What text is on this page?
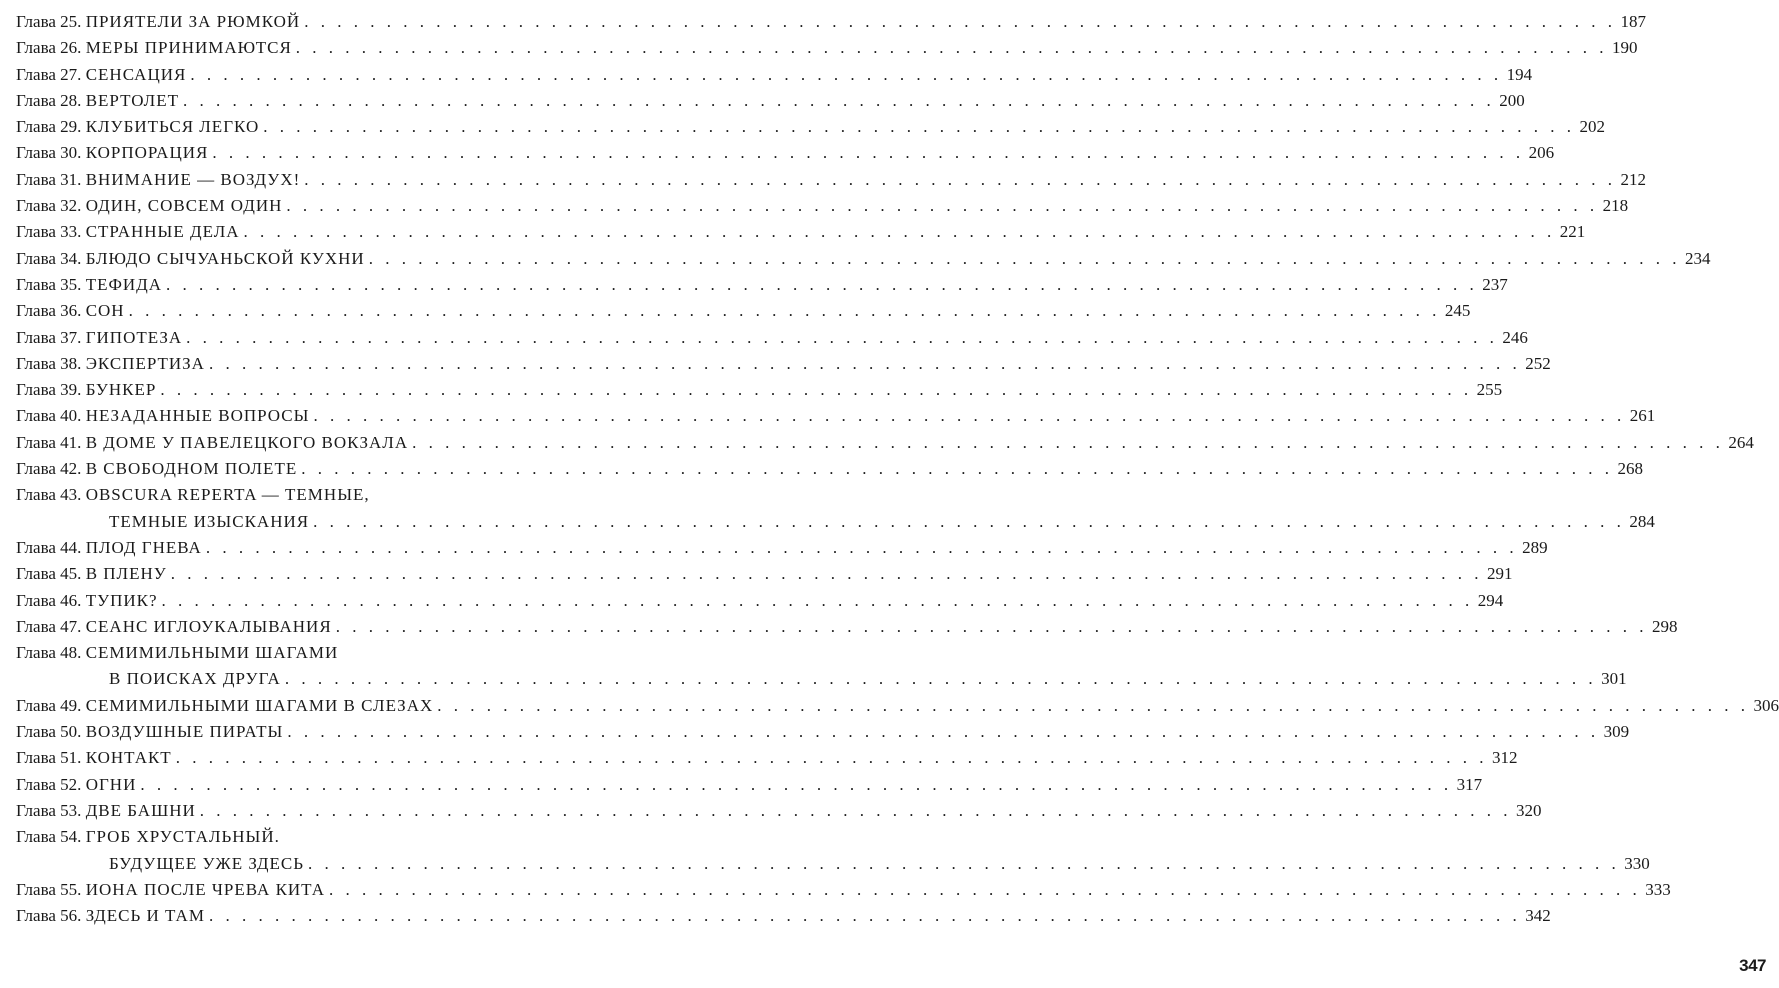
Глава 25. ПРИЯТЕЛИ ЗА РЮМКОЙ . . . . . . . . . . . . . . . . . . . . . . . . . . . . . . . . . . . . . . . . . . . . . . . . . . . . . . . . . . . . . . . . . . . . . . . . . . . . . . . . 187
Глава 26. МЕРЫ ПРИНИМАЮТСЯ . . . . . . . . . . . . . . . . . . . . . . . . . . . . . . . . . . . . . . . . . . . . . . . . . . . . . . . . . . . . . . . . . . . . . . . . . . . . . . . . 190
Глава 27. СЕНСАЦИЯ . . . . . . . . . . . . . . . . . . . . . . . . . . . . . . . . . . . . . . . . . . . . . . . . . . . . . . . . . . . . . . . . . . . . . . . . . . . . . . . . 194
Глава 28. ВЕРТОЛЕТ . . . . . . . . . . . . . . . . . . . . . . . . . . . . . . . . . . . . . . . . . . . . . . . . . . . . . . . . . . . . . . . . . . . . . . . . . . . . . . . . 200
Глава 29. КЛУБИТЬСЯ ЛЕГКО . . . . . . . . . . . . . . . . . . . . . . . . . . . . . . . . . . . . . . . . . . . . . . . . . . . . . . . . . . . . . . . . . . . . . . . . . . . . . . . . 202
Глава 30. КОРПОРАЦИЯ . . . . . . . . . . . . . . . . . . . . . . . . . . . . . . . . . . . . . . . . . . . . . . . . . . . . . . . . . . . . . . . . . . . . . . . . . . . . . . . . 206
Глава 31. ВНИМАНИЕ — ВОЗДУХ! . . . . . . . . . . . . . . . . . . . . . . . . . . . . . . . . . . . . . . . . . . . . . . . . . . . . . . . . . . . . . . . . . . . . . . . . . . . . . . . . 212
Глава 32. ОДИН, СОВСЕМ ОДИН . . . . . . . . . . . . . . . . . . . . . . . . . . . . . . . . . . . . . . . . . . . . . . . . . . . . . . . . . . . . . . . . . . . . . . . . . . . . . . . . 218
Глава 33. СТРАННЫЕ ДЕЛА . . . . . . . . . . . . . . . . . . . . . . . . . . . . . . . . . . . . . . . . . . . . . . . . . . . . . . . . . . . . . . . . . . . . . . . . . . . . . . . . 221
Глава 34. БЛЮДО СЫЧУАНЬСКОЙ КУХНИ . . . . . . . . . . . . . . . . . . . . . . . . . . . . . . . . . . . . . . . . . . . . . . . . . . . . . . . . . . . . . . . . . . . . . . . . . . . . . . . . 234
Глава 35. ТЕФИДА . . . . . . . . . . . . . . . . . . . . . . . . . . . . . . . . . . . . . . . . . . . . . . . . . . . . . . . . . . . . . . . . . . . . . . . . . . . . . . . . 237
Глава 36. СОН . . . . . . . . . . . . . . . . . . . . . . . . . . . . . . . . . . . . . . . . . . . . . . . . . . . . . . . . . . . . . . . . . . . . . . . . . . . . . . . . 245
Глава 37. ГИПОТЕЗА . . . . . . . . . . . . . . . . . . . . . . . . . . . . . . . . . . . . . . . . . . . . . . . . . . . . . . . . . . . . . . . . . . . . . . . . . . . . . . . . 246
Глава 38. ЭКСПЕРТИЗА . . . . . . . . . . . . . . . . . . . . . . . . . . . . . . . . . . . . . . . . . . . . . . . . . . . . . . . . . . . . . . . . . . . . . . . . . . . . . . . . 252
Глава 39. БУНКЕР . . . . . . . . . . . . . . . . . . . . . . . . . . . . . . . . . . . . . . . . . . . . . . . . . . . . . . . . . . . . . . . . . . . . . . . . . . . . . . . . 255
Глава 40. НЕЗАДАННЫЕ ВОПРОСЫ . . . . . . . . . . . . . . . . . . . . . . . . . . . . . . . . . . . . . . . . . . . . . . . . . . . . . . . . . . . . . . . . . . . . . . . . . . . . . . . . 261
Глава 41. В ДОМЕ У ПАВЕЛЕЦКОГО ВОКЗАЛА . . . . . . . . . . . . . . . . . . . . . . . . . . . . . . . . . . . . . . . . . . . . . . . . . . . . . . . . . . . . . . . . . . . . . . . . . . . . . . . . 264
Глава 42. В СВОБОДНОМ ПОЛЕТЕ . . . . . . . . . . . . . . . . . . . . . . . . . . . . . . . . . . . . . . . . . . . . . . . . . . . . . . . . . . . . . . . . . . . . . . . . . . . . . . . . 268
Глава 43. OBSCURA REPERTA — ТЕМНЫЕ,
ТЕМНЫЕ ИЗЫСКАНИЯ . . . . . . . . . . . . . . . . . . . . . . . . . . . . . . . . . . . . . . . . . . . . . . . . . . . . . . . . . . . . . . . . . . . . . . . . . . . . . . . . 284
Глава 44. ПЛОД ГНЕВА . . . . . . . . . . . . . . . . . . . . . . . . . . . . . . . . . . . . . . . . . . . . . . . . . . . . . . . . . . . . . . . . . . . . . . . . . . . . . . . . 289
Глава 45. В ПЛЕНУ . . . . . . . . . . . . . . . . . . . . . . . . . . . . . . . . . . . . . . . . . . . . . . . . . . . . . . . . . . . . . . . . . . . . . . . . . . . . . . . . 291
Глава 46. ТУПИК? . . . . . . . . . . . . . . . . . . . . . . . . . . . . . . . . . . . . . . . . . . . . . . . . . . . . . . . . . . . . . . . . . . . . . . . . . . . . . . . . 294
Глава 47. СЕАНС ИГЛОУКАЛЫВАНИЯ . . . . . . . . . . . . . . . . . . . . . . . . . . . . . . . . . . . . . . . . . . . . . . . . . . . . . . . . . . . . . . . . . . . . . . . . . . . . . . . . 298
Глава 48. СЕМИМИЛЬНЫМИ ШАГАМИ
В ПОИСКАХ ДРУГА . . . . . . . . . . . . . . . . . . . . . . . . . . . . . . . . . . . . . . . . . . . . . . . . . . . . . . . . . . . . . . . . . . . . . . . . . . . . . . . . 301
Глава 49. СЕМИМИЛЬНЫМИ ШАГАМИ В СЛЕЗАХ . . . . . . . . . . . . . . . . . . . . . . . . . . . . . . . . . . . . . . . . . . . . . . . . . . . . . . . . . . . . . . . . . . . . . . . . . . . . . . . . 306
Глава 50. ВОЗДУШНЫЕ ПИРАТЫ . . . . . . . . . . . . . . . . . . . . . . . . . . . . . . . . . . . . . . . . . . . . . . . . . . . . . . . . . . . . . . . . . . . . . . . . . . . . . . . . 309
Глава 51. КОНТАКТ . . . . . . . . . . . . . . . . . . . . . . . . . . . . . . . . . . . . . . . . . . . . . . . . . . . . . . . . . . . . . . . . . . . . . . . . . . . . . . . . 312
Глава 52. ОГНИ . . . . . . . . . . . . . . . . . . . . . . . . . . . . . . . . . . . . . . . . . . . . . . . . . . . . . . . . . . . . . . . . . . . . . . . . . . . . . . . . 317
Глава 53. ДВЕ БАШНИ . . . . . . . . . . . . . . . . . . . . . . . . . . . . . . . . . . . . . . . . . . . . . . . . . . . . . . . . . . . . . . . . . . . . . . . . . . . . . . . . 320
Глава 54. ГРОБ ХРУСТАЛЬНЫЙ.
БУДУЩЕЕ УЖЕ ЗДЕСЬ . . . . . . . . . . . . . . . . . . . . . . . . . . . . . . . . . . . . . . . . . . . . . . . . . . . . . . . . . . . . . . . . . . . . . . . . . . . . . . . . 330
Глава 55. ИОНА ПОСЛЕ ЧРЕВА КИТА . . . . . . . . . . . . . . . . . . . . . . . . . . . . . . . . . . . . . . . . . . . . . . . . . . . . . . . . . . . . . . . . . . . . . . . . . . . . . . . . 333
Глава 56. ЗДЕСЬ И ТАМ . . . . . . . . . . . . . . . . . . . . . . . . . . . . . . . . . . . . . . . . . . . . . . . . . . . . . . . . . . . . . . . . . . . . . . . . . . . . . . . . 342
347
